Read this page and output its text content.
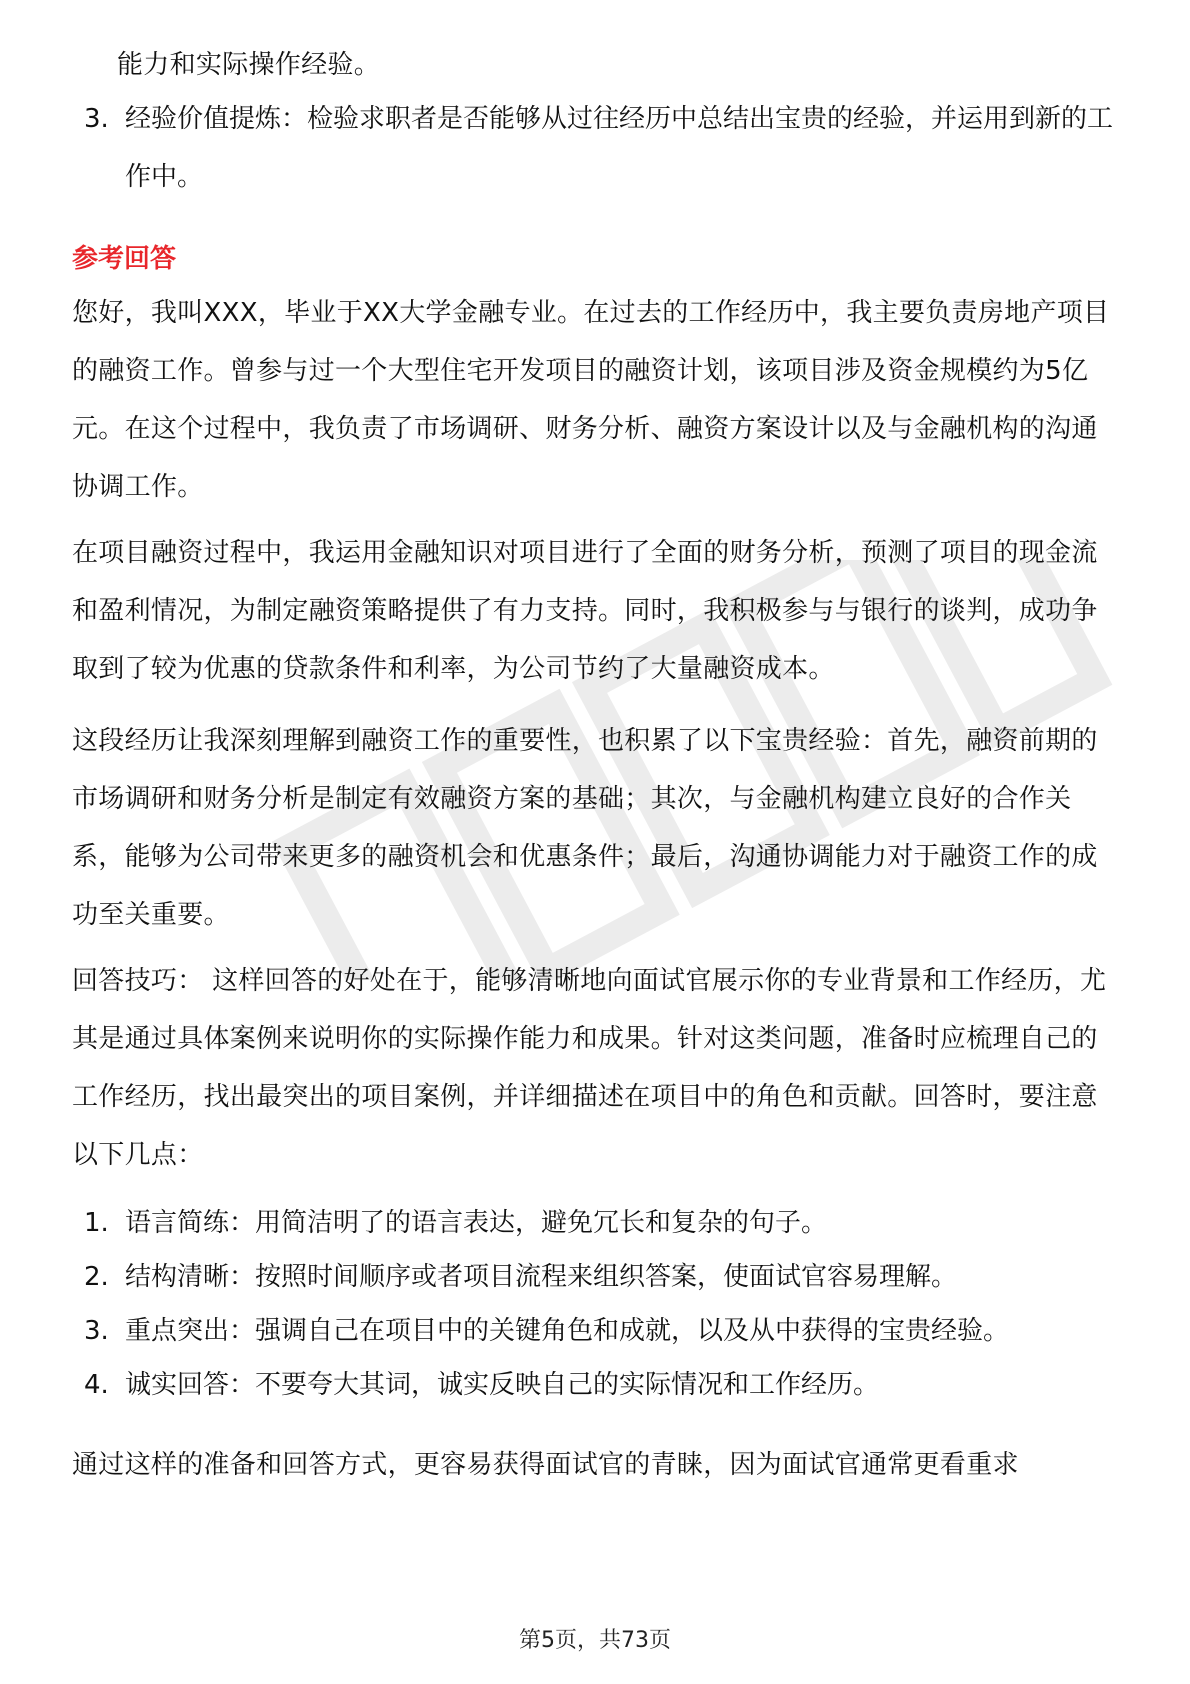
能力和实际操作经验。

3. 经验价值提炼：检验求职者是否能够从过往经历中总结出宝贵的经验，并运用到新的工作中。
参考回答

您好，我叫XXX，毕业于XX大学金融专业。在过去的工作经历中，我主要负责房地产项目的融资工作。曾参与过一个大型住宅开发项目的融资计划，该项目涉及资金规模约为5亿元。在这个过程中，我负责了市场调研、财务分析、融资方案设计以及与金融机构的沟通协调工作。

在项目融资过程中，我运用金融知识对项目进行了全面的财务分析，预测了项目的现金流和盈利情况，为制定融资策略提供了有力支持。同时，我积极参与与银行的谈判，成功争取到了较为优惠的贷款条件和利率，为公司节约了大量融资成本。

这段经历让我深刻理解到融资工作的重要性，也积累了以下宝贵经验：首先，融资前期的市场调研和财务分析是制定有效融资方案的基础；其次，与金融机构建立良好的合作关系，能够为公司带来更多的融资机会和优惠条件；最后，沟通协调能力对于融资工作的成功至关重要。

回答技巧： 这样回答的好处在于，能够清晰地向面试官展示你的专业背景和工作经历，尤其是通过具体案例来说明你的实际操作能力和成果。针对这类问题，准备时应梳理自己的工作经历，找出最突出的项目案例，并详细描述在项目中的角色和贡献。回答时，要注意以下几点：

1. 语言简练：用简洁明了的语言表达，避免冗长和复杂的句子。
2. 结构清晰：按照时间顺序或者项目流程来组织答案，使面试官容易理解。
3. 重点突出：强调自己在项目中的关键角色和成就，以及从中获得的宝贵经验。
4. 诚实回答：不要夸大其词，诚实反映自己的实际情况和工作经历。

通过这样的准备和回答方式，更容易获得面试官的青睐，因为面试官通常更看重求

第5页，共73页
